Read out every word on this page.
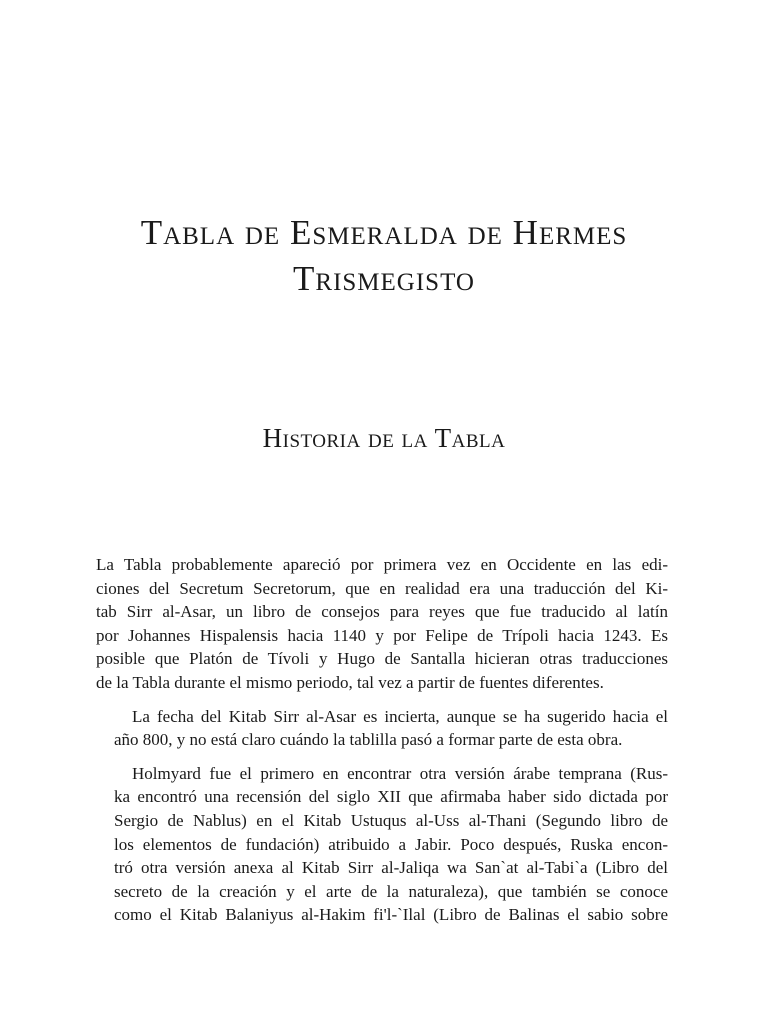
Tabla de Esmeralda de Hermes
Trismegisto
Historia de la Tabla

La Tabla probablemente apareció por primera vez en Occidente en las edi-
ciones del Secretum Secretorum, que en realidad era una traducción del Ki-
tab Sirr al-Asar, un libro de consejos para reyes que fue traducido al latín
por Johannes Hispalensis hacia 1140 y por Felipe de Trípoli hacia 1243. Es
posible que Platón de Tívoli y Hugo de Santalla hicieran otras traducciones
de la Tabla durante el mismo periodo, tal vez a partir de fuentes diferentes.

La fecha del Kitab Sirr al-Asar es incierta, aunque se ha sugerido hacia el
año 800, y no está claro cuándo la tablilla pasó a formar parte de esta obra.

Holmyard fue el primero en encontrar otra versión árabe temprana (Rus-
ka encontró una recensión del siglo XII que afirmaba haber sido dictada por
Sergio de Nablus) en el Kitab Ustuqus al-Uss al-Thani (Segundo libro de
los elementos de fundación) atribuido a Jabir. Poco después, Ruska encon-
tró otra versión anexa al Kitab Sirr al-Jaliqa wa San`at al-Tabi`a (Libro del
secreto de la creación y el arte de la naturaleza), que también se conoce
como el Kitab Balaniyus al-Hakim fi'l-`Ilal (Libro de Balinas el sabio sobre
